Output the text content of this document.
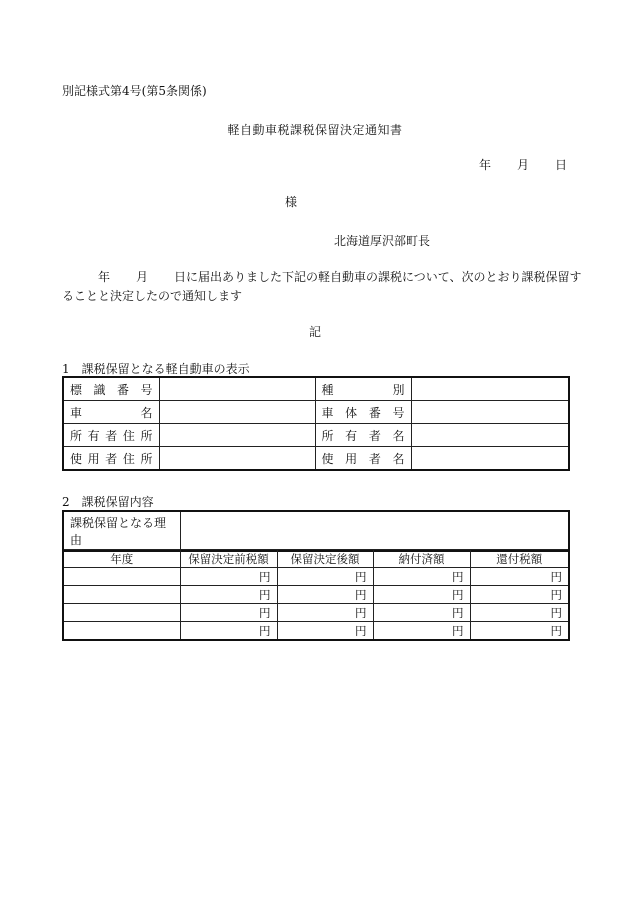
別記様式第4号(第5条関係)
軽自動車税課税保留決定通知書
年 月 日
様
北海道厚沢部町長
年 月 日に届出ありました下記の軽自動車の課税について、次のとおり課税保留す
ることと決定したので通知します
記
1　課税保留となる軽自動車の表示
標識番号		種別	
車名		車体番号	
所有者住所		所有者名	
使用者住所		使用者名	
2　課税保留内容
課税保留となる理由	
年度	保留決定前税額	保留決定後額	納付済額	還付税額
	円	円	円	円
	円	円	円	円
	円	円	円	円
	円	円	円	円
